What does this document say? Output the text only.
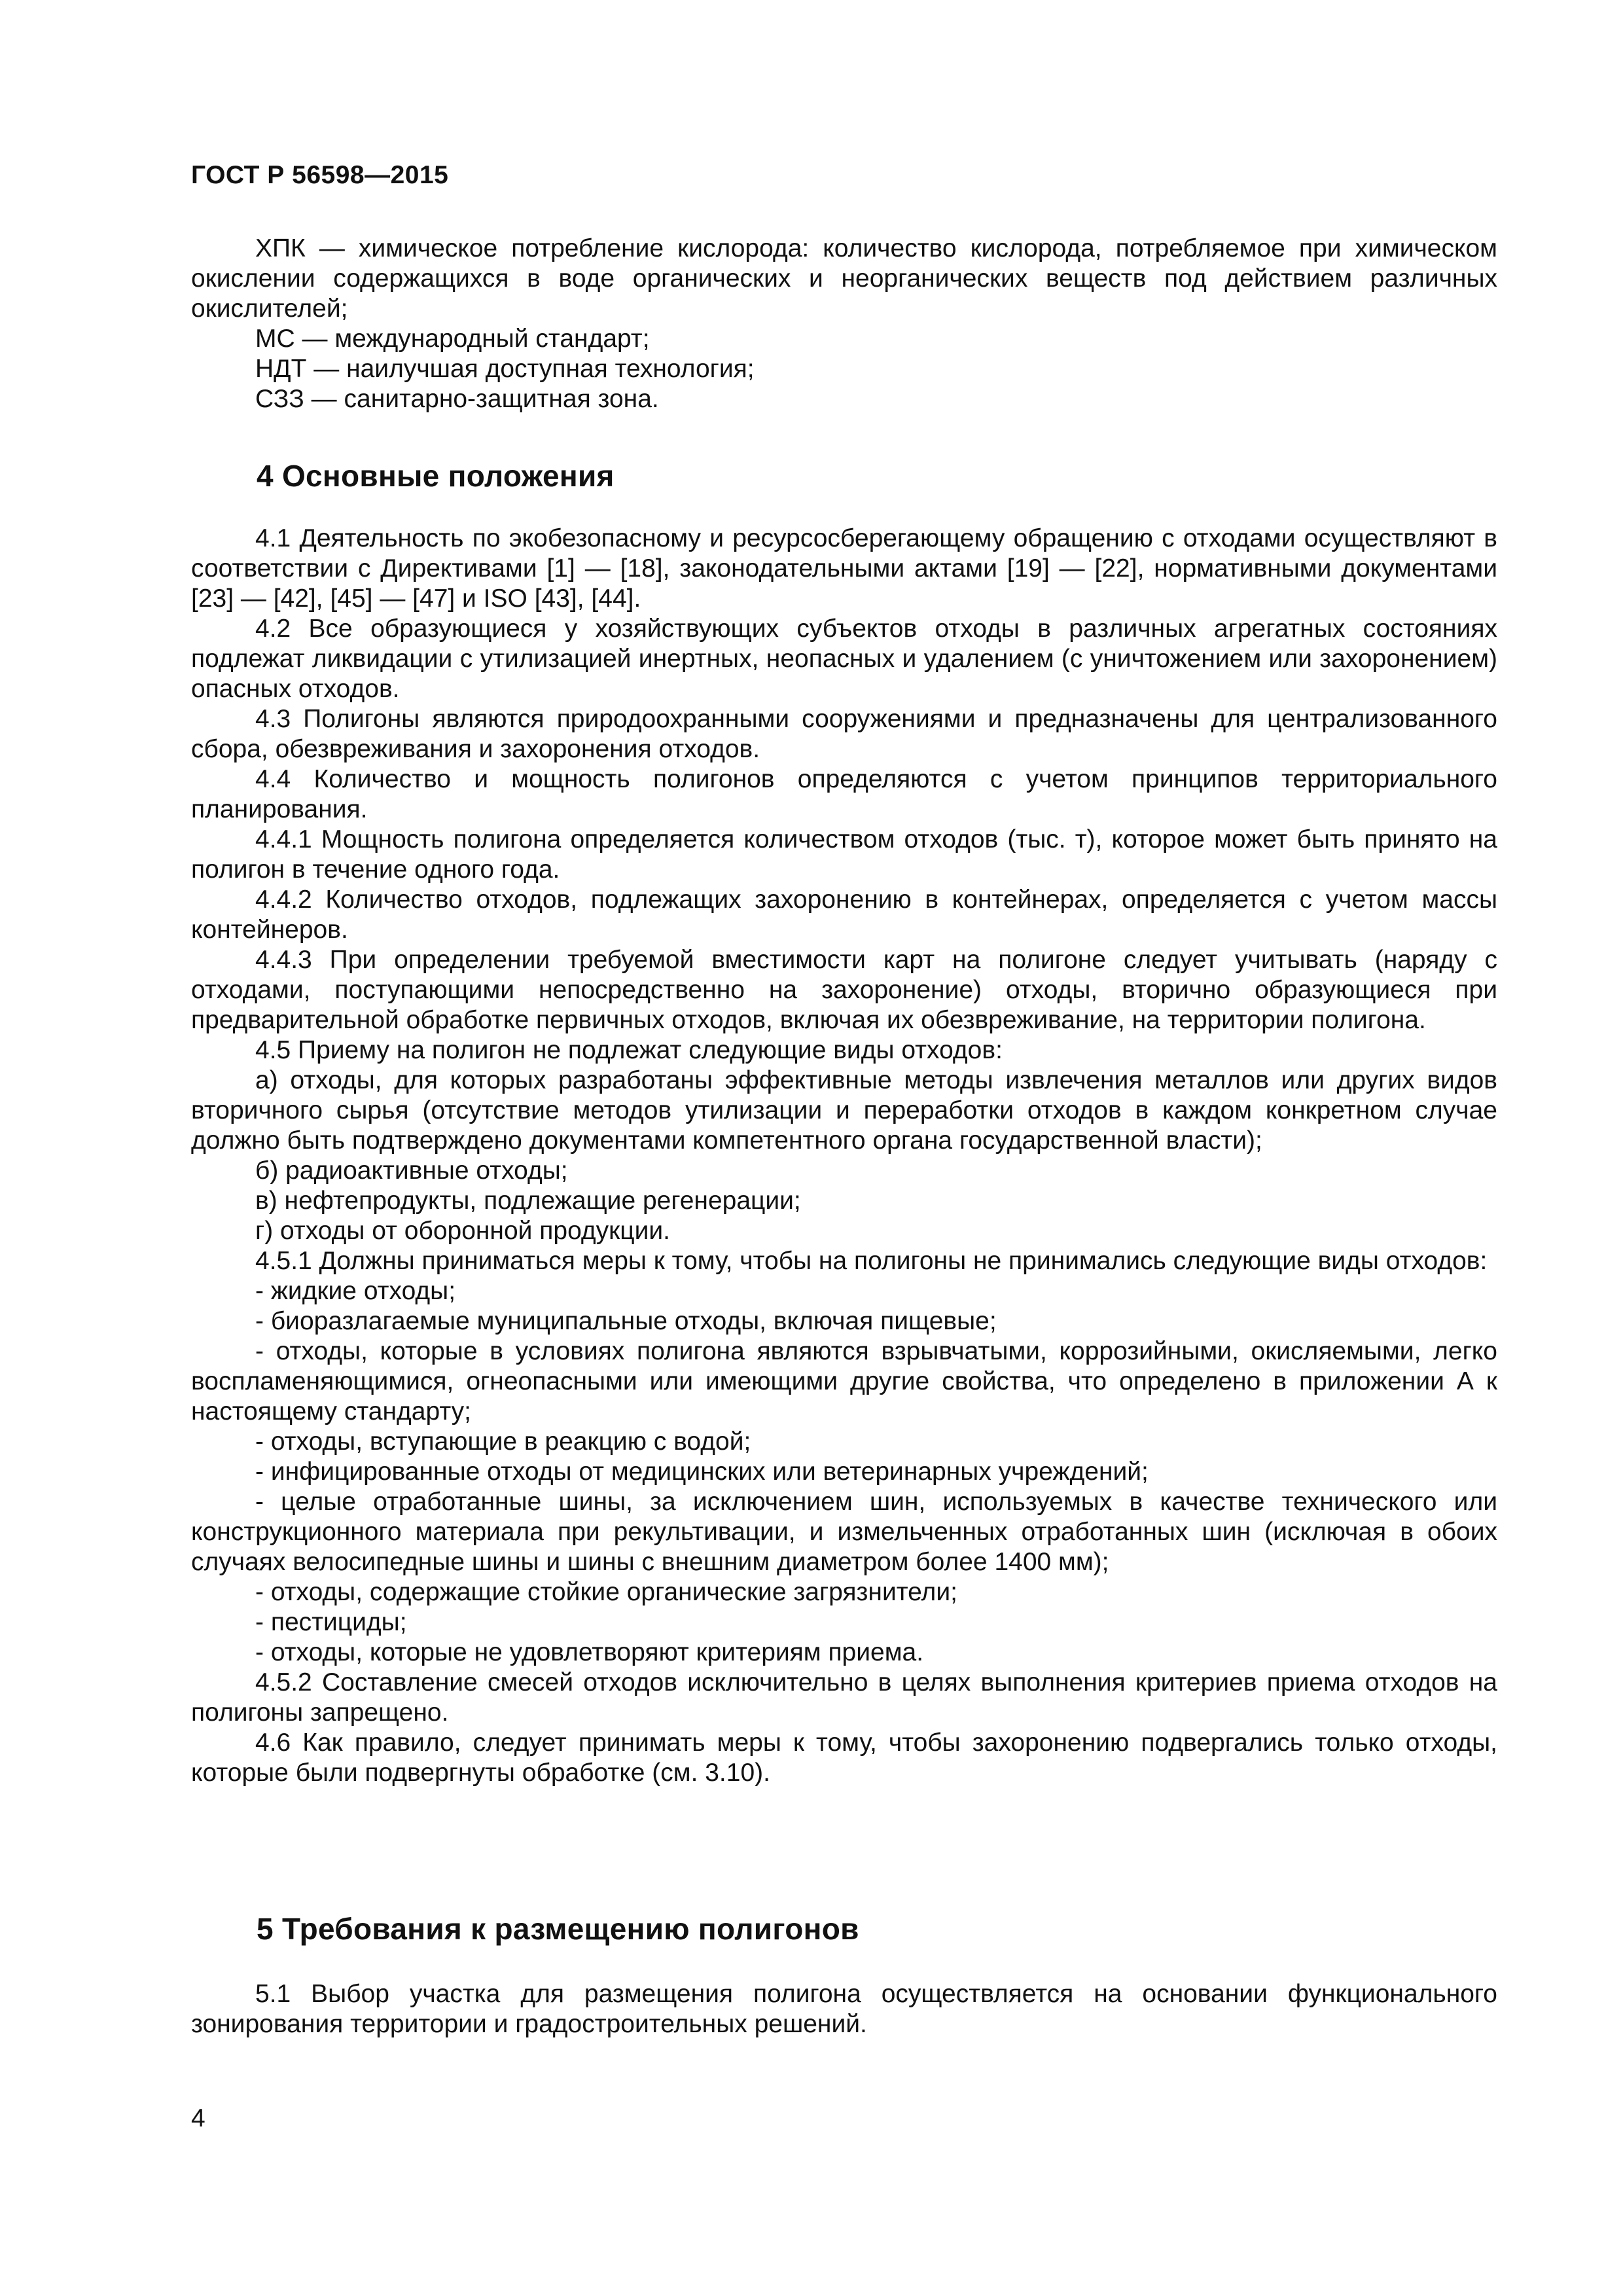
ГОСТ Р 56598—2015

ХПК — химическое потребление кислорода: количество кислорода, потребляемое при химическом окислении содержащихся в воде органических и неорганических веществ под действием различных окислителей;

МС — международный стандарт;

НДТ — наилучшая доступная технология;

СЗЗ — санитарно-защитная зона.

4 Основные положения

4.1 Деятельность по экобезопасному и ресурсосберегающему обращению с отходами осуществляют в соответствии с Директивами [1] — [18], законодательными актами [19] — [22], нормативными документами [23] — [42], [45] — [47] и ISO [43], [44].

4.2 Все образующиеся у хозяйствующих субъектов отходы в различных агрегатных состояниях подлежат ликвидации с утилизацией инертных, неопасных и удалением (с уничтожением или захоронением) опасных отходов.

4.3 Полигоны являются природоохранными сооружениями и предназначены для централизованного сбора, обезвреживания и захоронения отходов.

4.4 Количество и мощность полигонов определяются с учетом принципов территориального планирования.

4.4.1 Мощность полигона определяется количеством отходов (тыс. т), которое может быть принято на полигон в течение одного года.

4.4.2 Количество отходов, подлежащих захоронению в контейнерах, определяется с учетом массы контейнеров.

4.4.3 При определении требуемой вместимости карт на полигоне следует учитывать (наряду с отходами, поступающими непосредственно на захоронение) отходы, вторично образующиеся при предварительной обработке первичных отходов, включая их обезвреживание, на территории полигона.

4.5 Приему на полигон не подлежат следующие виды отходов:

а) отходы, для которых разработаны эффективные методы извлечения металлов или других видов вторичного сырья (отсутствие методов утилизации и переработки отходов в каждом конкретном случае должно быть подтверждено документами компетентного органа государственной власти);

б) радиоактивные отходы;

в) нефтепродукты, подлежащие регенерации;

г) отходы от оборонной продукции.

4.5.1 Должны приниматься меры к тому, чтобы на полигоны не принимались следующие виды отходов:

- жидкие отходы;

- биоразлагаемые муниципальные отходы, включая пищевые;

- отходы, которые в условиях полигона являются взрывчатыми, коррозийными, окисляемыми, легко воспламеняющимися, огнеопасными или имеющими другие свойства, что определено в приложении А к настоящему стандарту;

- отходы, вступающие в реакцию с водой;

- инфицированные отходы от медицинских или ветеринарных учреждений;

- целые отработанные шины, за исключением шин, используемых в качестве технического или конструкционного материала при рекультивации, и измельченных отработанных шин (исключая в обоих случаях велосипедные шины и шины с внешним диаметром более 1400 мм);

- отходы, содержащие стойкие органические загрязнители;

- пестициды;

- отходы, которые не удовлетворяют критериям приема.

4.5.2 Составление смесей отходов исключительно в целях выполнения критериев приема отходов на полигоны запрещено.

4.6 Как правило, следует принимать меры к тому, чтобы захоронению подвергались только отходы, которые были подвергнуты обработке (см. 3.10).

5 Требования к размещению полигонов

5.1 Выбор участка для размещения полигона осуществляется на основании функционального зонирования территории и градостроительных решений.

4
